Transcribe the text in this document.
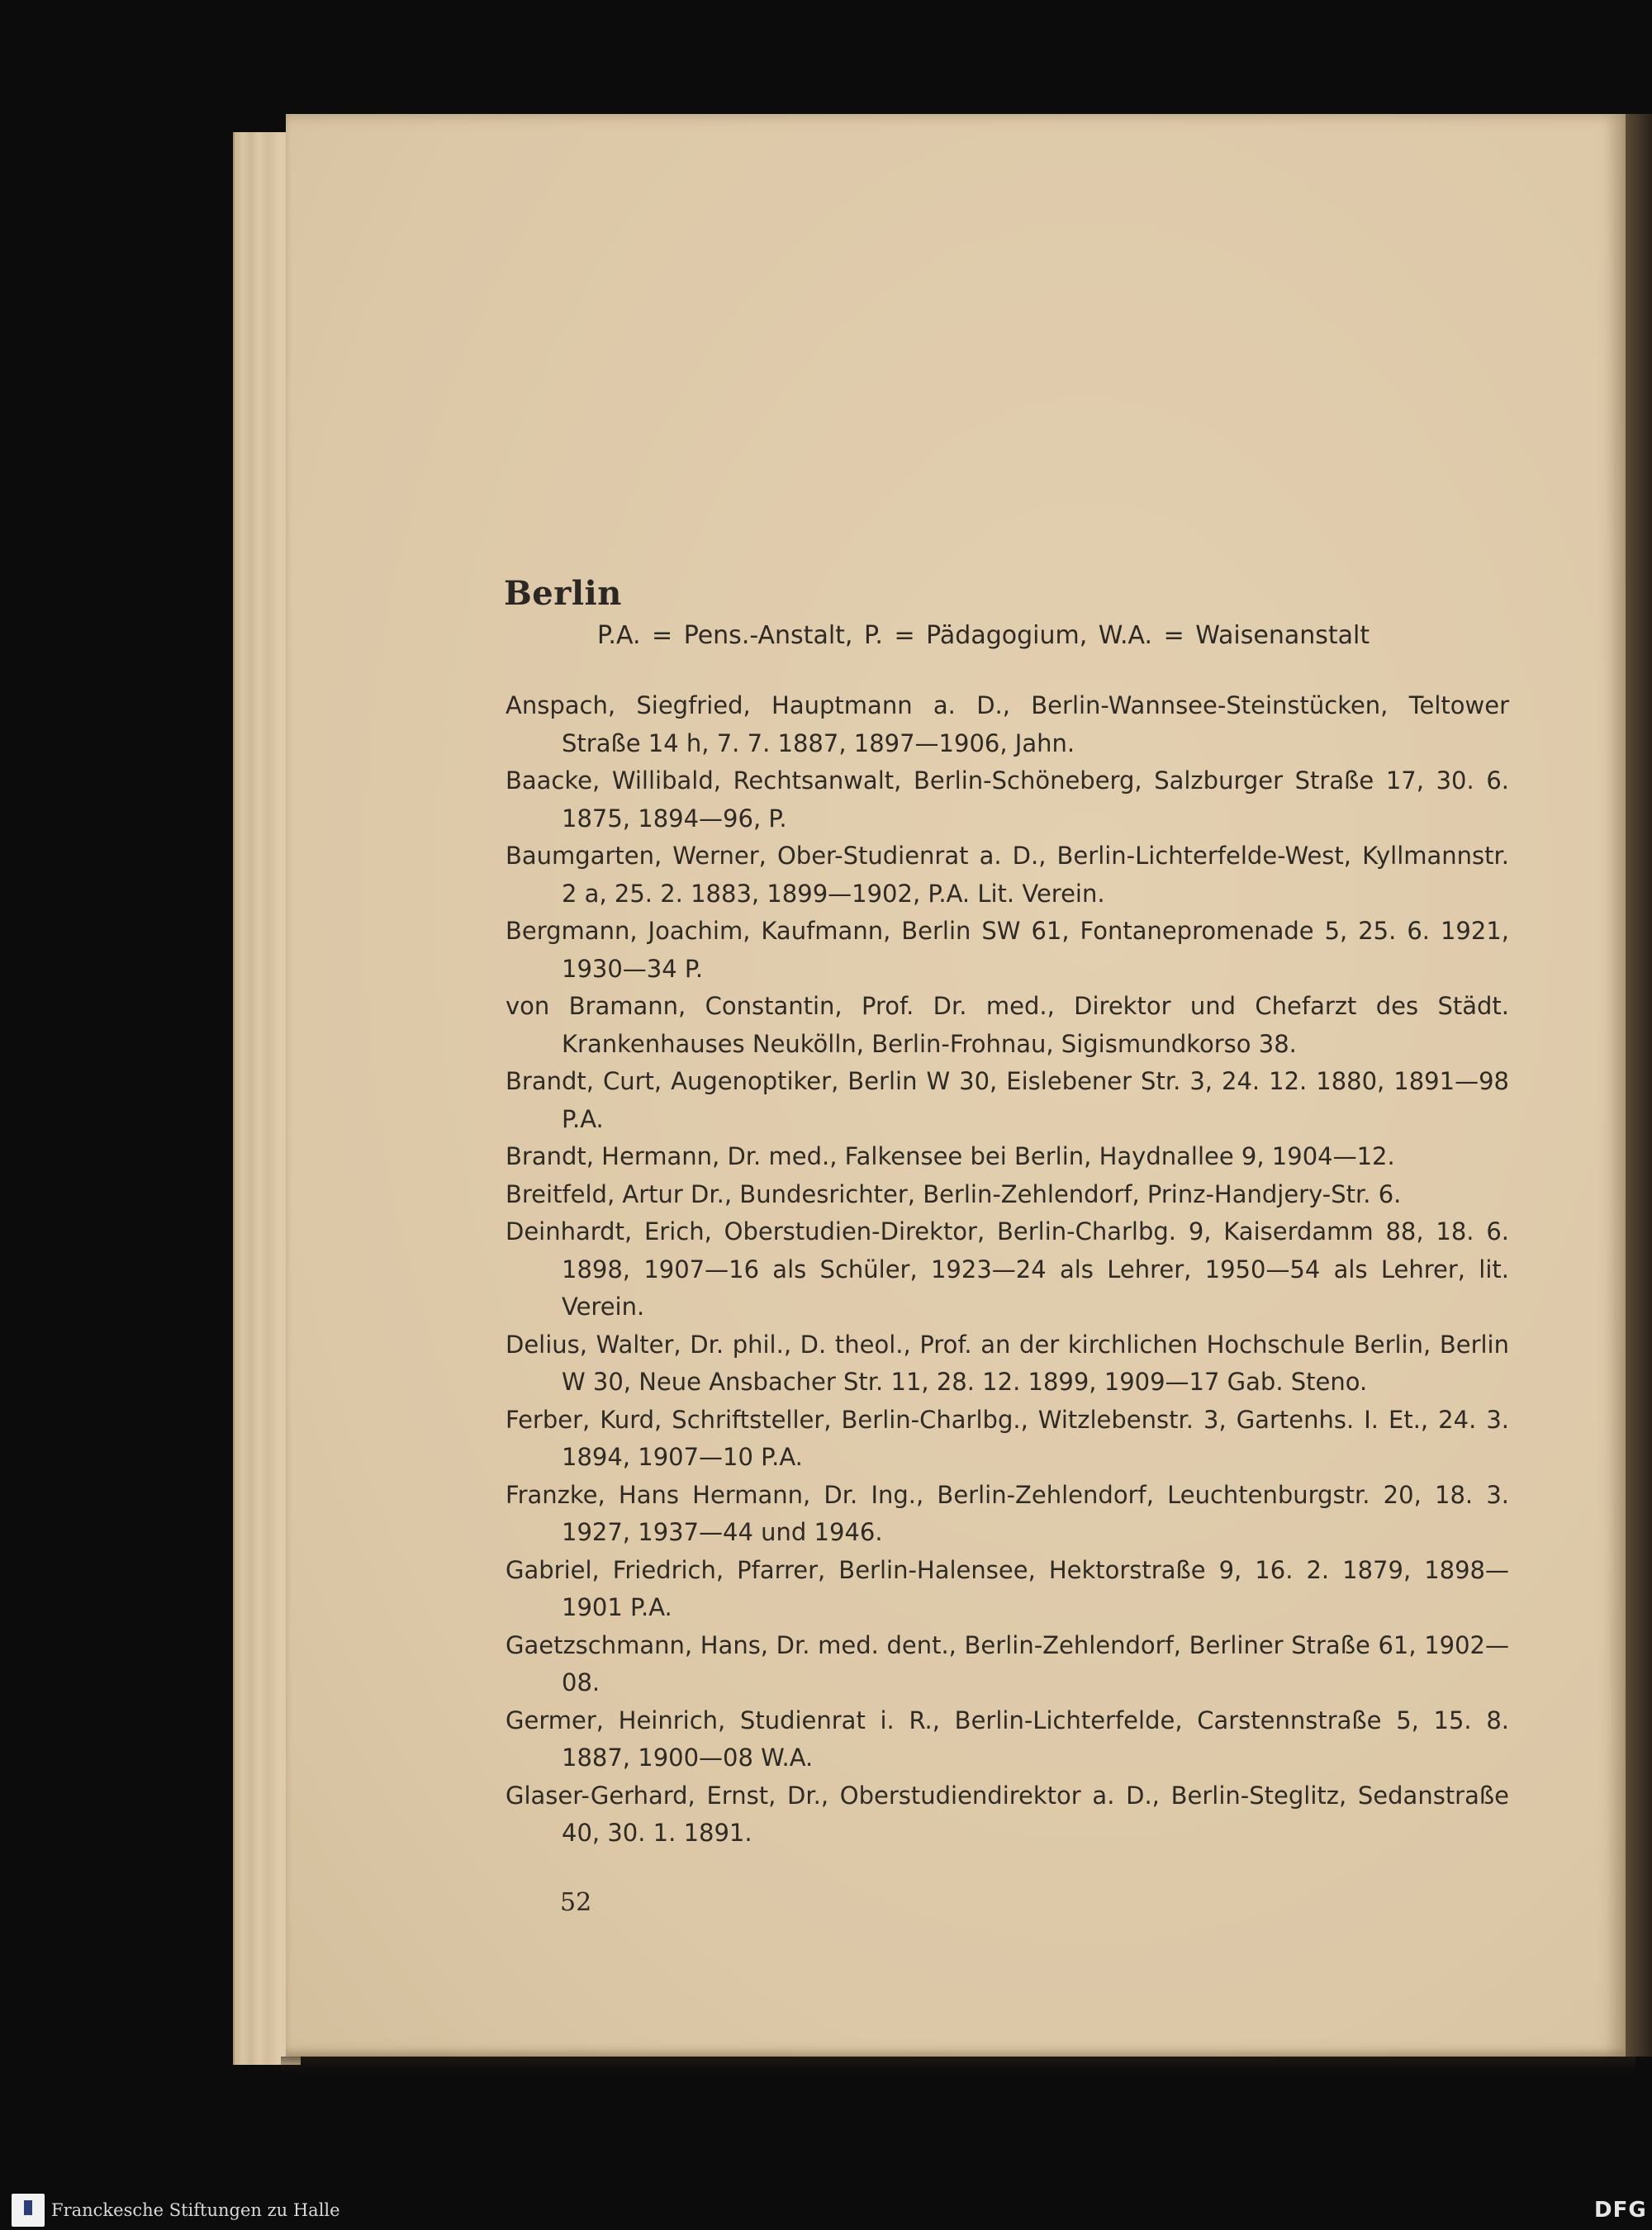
Berlin
P.A. = Pens.-Anstalt, P. = Pädagogium, W.A. = Waisenanstalt

Anspach, Siegfried, Hauptmann a. D., Berlin-Wannsee-Steinstücken, Teltower Straße 14 h, 7. 7. 1887, 1897—1906, Jahn.

Baacke, Willibald, Rechtsanwalt, Berlin-Schöneberg, Salzburger Straße 17, 30. 6. 1875, 1894—96, P.

Baumgarten, Werner, Ober-Studienrat a. D., Berlin-Lichterfelde-West, Kyllmannstr. 2 a, 25. 2. 1883, 1899—1902, P.A. Lit. Verein.

Bergmann, Joachim, Kaufmann, Berlin SW 61, Fontanepromenade 5, 25. 6. 1921, 1930—34 P.

von Bramann, Constantin, Prof. Dr. med., Direktor und Chefarzt des Städt. Krankenhauses Neukölln, Berlin-Frohnau, Sigismundkorso 38.

Brandt, Curt, Augenoptiker, Berlin W 30, Eislebener Str. 3, 24. 12. 1880, 1891—98 P.A.

Brandt, Hermann, Dr. med., Falkensee bei Berlin, Haydnallee 9, 1904—12.

Breitfeld, Artur Dr., Bundesrichter, Berlin-Zehlendorf, Prinz-Handjery-Str. 6.

Deinhardt, Erich, Oberstudien-Direktor, Berlin-Charlbg. 9, Kaiserdamm 88, 18. 6. 1898, 1907—16 als Schüler, 1923—24 als Lehrer, 1950—54 als Lehrer, lit. Verein.

Delius, Walter, Dr. phil., D. theol., Prof. an der kirchlichen Hochschule Berlin, Berlin W 30, Neue Ansbacher Str. 11, 28. 12. 1899, 1909—17 Gab. Steno.

Ferber, Kurd, Schriftsteller, Berlin-Charlbg., Witzlebenstr. 3, Gartenhs. I. Et., 24. 3. 1894, 1907—10 P.A.

Franzke, Hans Hermann, Dr. Ing., Berlin-Zehlendorf, Leuchtenburgstr. 20, 18. 3. 1927, 1937—44 und 1946.

Gabriel, Friedrich, Pfarrer, Berlin-Halensee, Hektorstraße 9, 16. 2. 1879, 1898—1901 P.A.

Gaetzschmann, Hans, Dr. med. dent., Berlin-Zehlendorf, Berliner Straße 61, 1902—08.

Germer, Heinrich, Studienrat i. R., Berlin-Lichterfelde, Carstennstraße 5, 15. 8. 1887, 1900—08 W.A.

Glaser-Gerhard, Ernst, Dr., Oberstudiendirektor a. D., Berlin-Steglitz, Sedanstraße 40, 30. 1. 1891.

52
Franckesche Stiftungen zu Halle	DFG
